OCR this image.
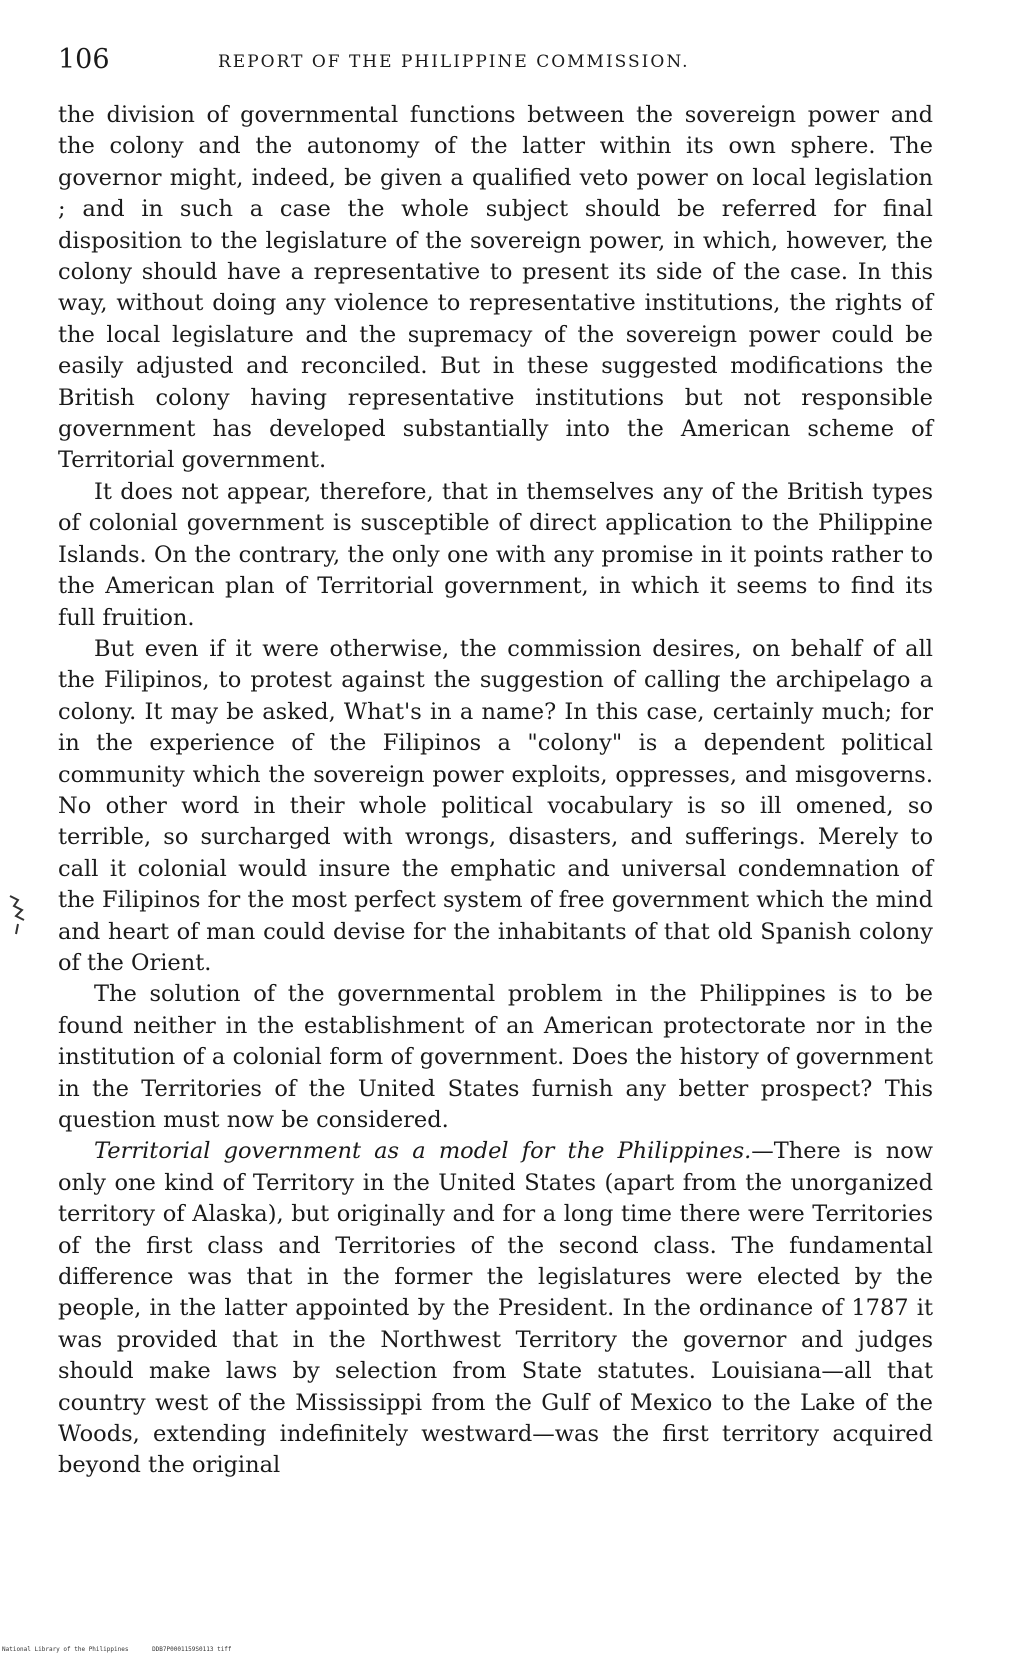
106	REPORT OF THE PHILIPPINE COMMISSION.

the division of governmental functions between the sovereign power and the colony and the autonomy of the latter within its own sphere. The governor might, indeed, be given a qualified veto power on local legislation ; and in such a case the whole subject should be referred for final disposition to the legislature of the sovereign power, in which, however, the colony should have a representative to present its side of the case. In this way, without doing any violence to representative institutions, the rights of the local legislature and the supremacy of the sovereign power could be easily adjusted and reconciled. But in these suggested modifications the British colony having representative institutions but not responsible government has developed substantially into the American scheme of Territorial government.

It does not appear, therefore, that in themselves any of the British types of colonial government is susceptible of direct application to the Philippine Islands. On the contrary, the only one with any promise in it points rather to the American plan of Territorial government, in which it seems to find its full fruition.

But even if it were otherwise, the commission desires, on behalf of all the Filipinos, to protest against the suggestion of calling the archipelago a colony. It may be asked, What's in a name? In this case, certainly much; for in the experience of the Filipinos a "colony" is a dependent political community which the sovereign power exploits, oppresses, and misgoverns. No other word in their whole political vocabulary is so ill omened, so terrible, so surcharged with wrongs, disasters, and sufferings. Merely to call it colonial would insure the emphatic and universal condemnation of the Filipinos for the most perfect system of free government which the mind and heart of man could devise for the inhabitants of that old Spanish colony of the Orient.

The solution of the governmental problem in the Philippines is to be found neither in the establishment of an American protectorate nor in the institution of a colonial form of government. Does the history of government in the Territories of the United States furnish any better prospect? This question must now be considered.

Territorial government as a model for the Philippines.—There is now only one kind of Territory in the United States (apart from the unorganized territory of Alaska), but originally and for a long time there were Territories of the first class and Territories of the second class. The fundamental difference was that in the former the legislatures were elected by the people, in the latter appointed by the President. In the ordinance of 1787 it was provided that in the Northwest Territory the governor and judges should make laws by selection from State statutes. Louisiana—all that country west of the Mississippi from the Gulf of Mexico to the Lake of the Woods, extending indefinitely westward—was the first territory acquired beyond the original

National Library of the Philippines	DDB7P0001159S0113 tiff
